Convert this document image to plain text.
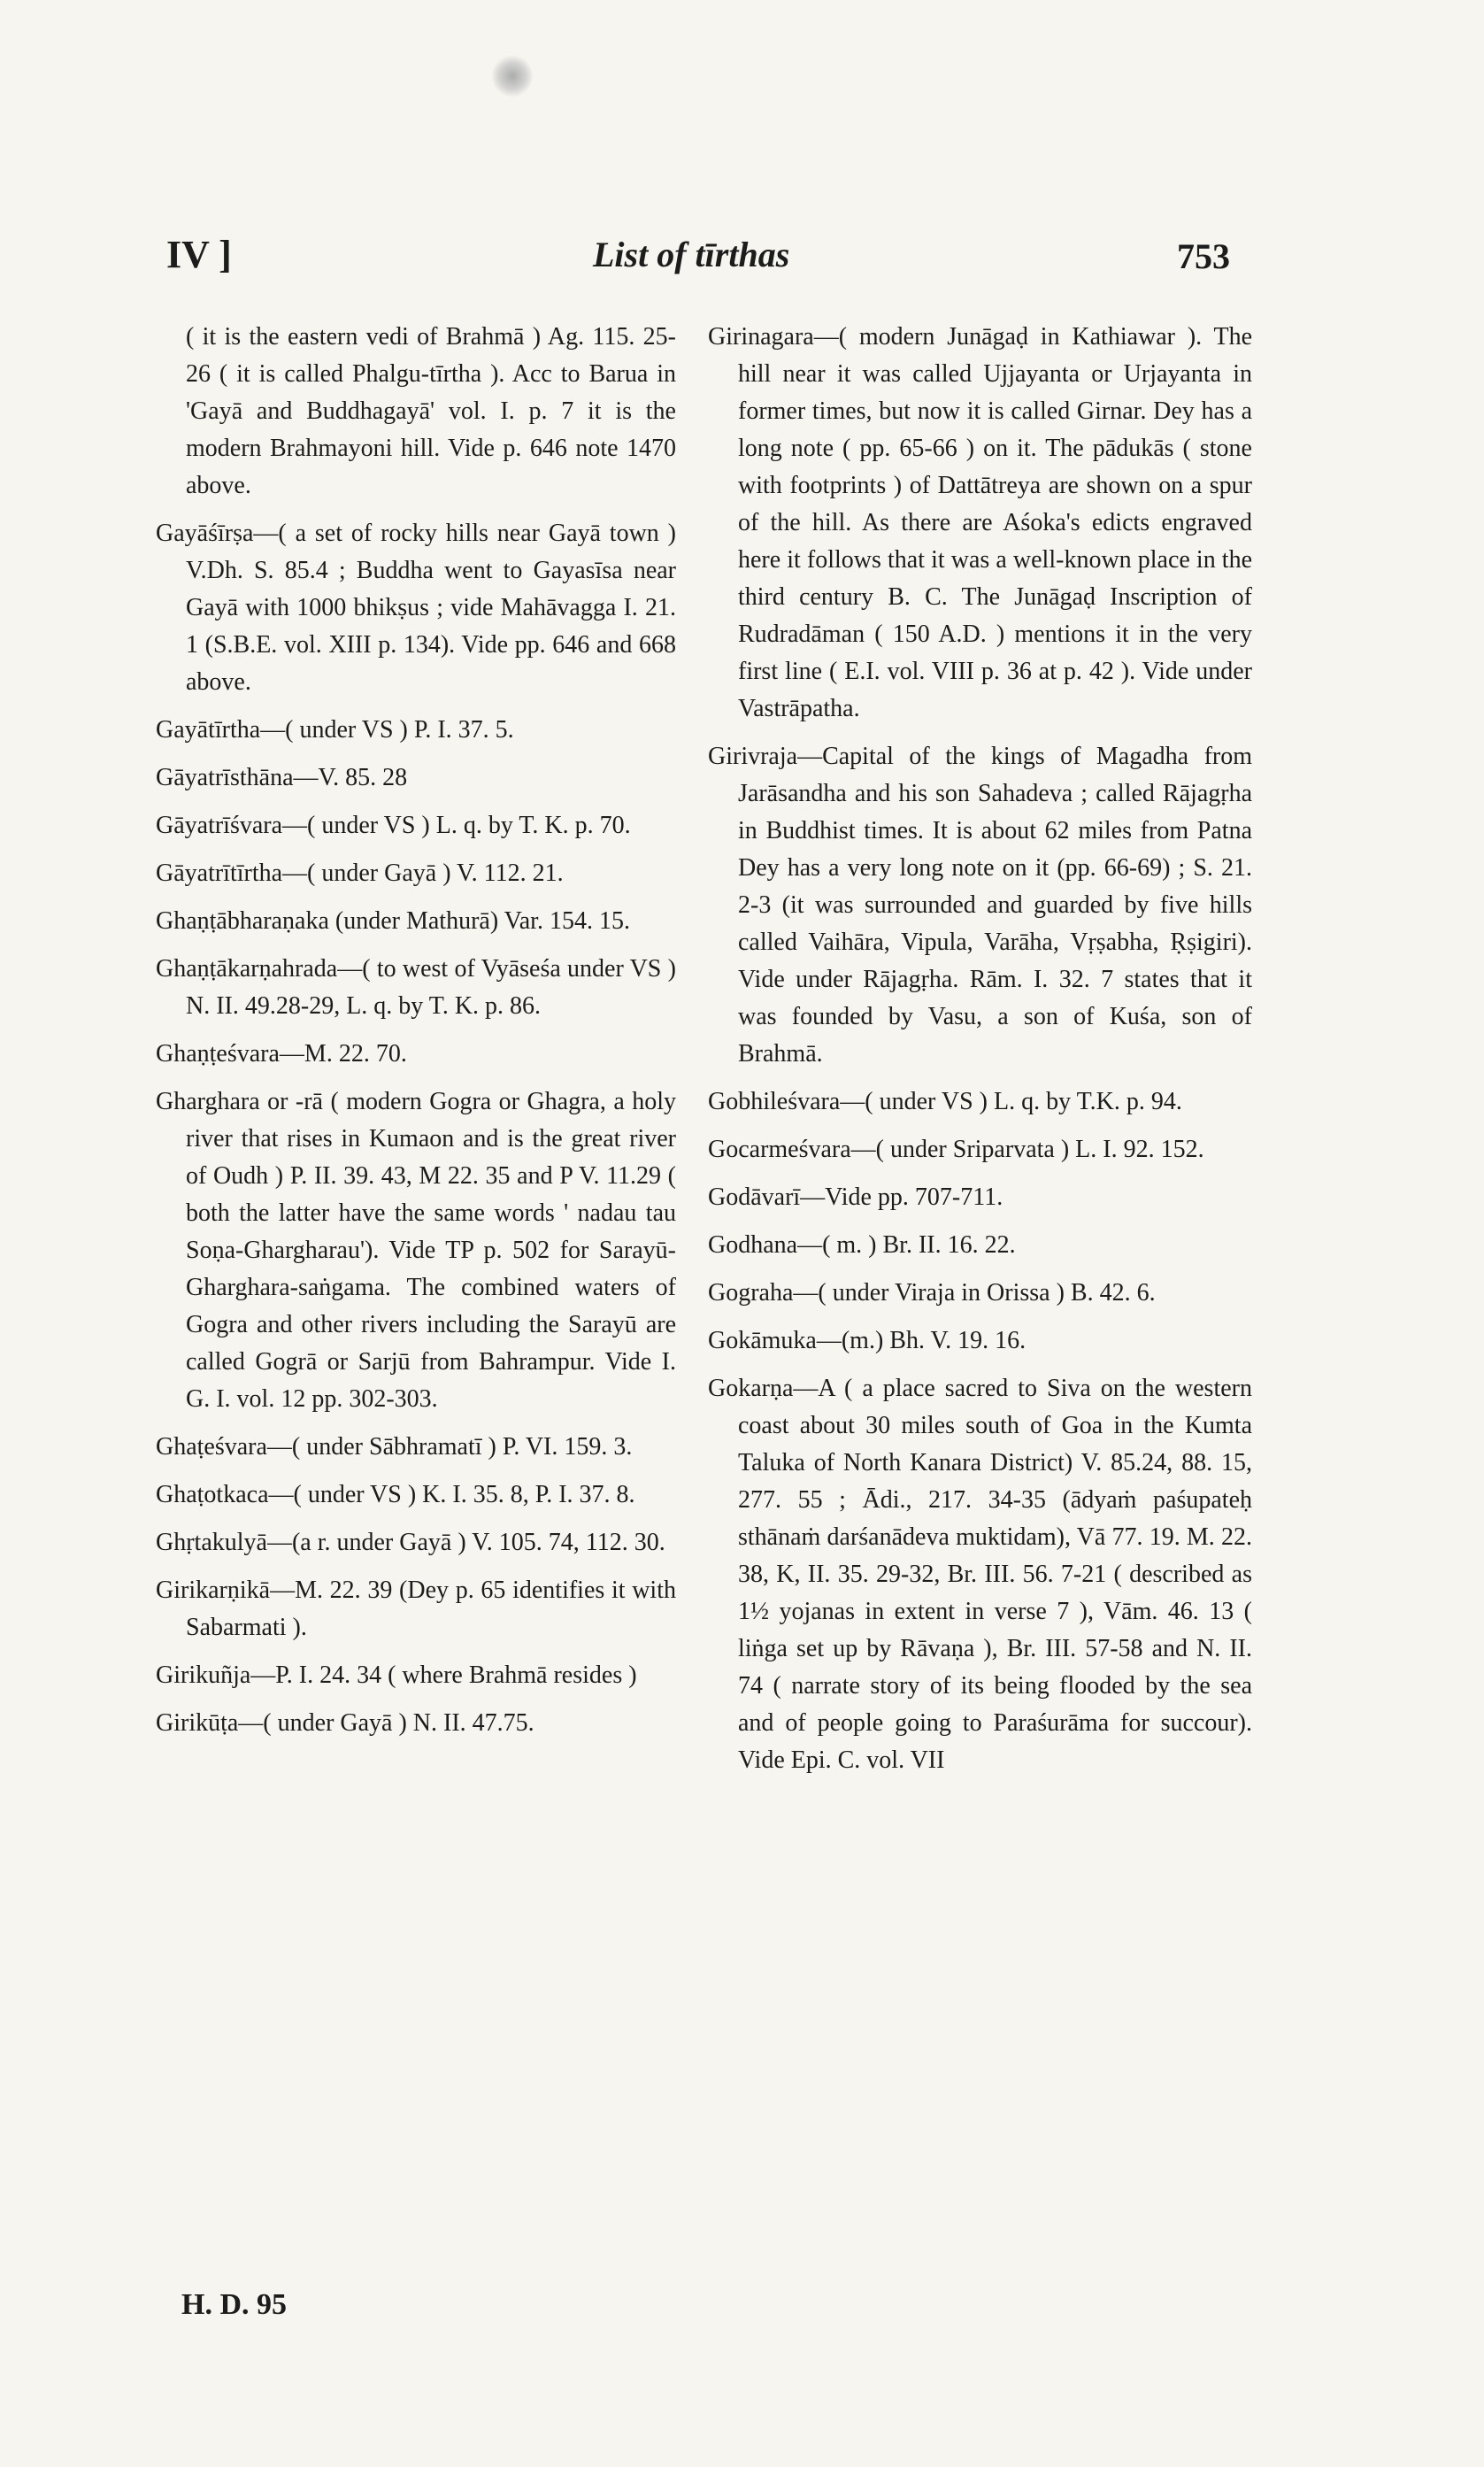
IV ]	List of tīrthas	753

( it is the eastern vedi of Brahmā ) Ag. 115. 25-26 ( it is called Phalgu-tīrtha ). Acc to Barua in 'Gayā and Buddhagayā' vol. I. p. 7 it is the modern Brahmayoni hill. Vide p. 646 note 1470 above.

Gayāśīrṣa—( a set of rocky hills near Gayā town ) V.Dh. S. 85.4 ; Buddha went to Gayasīsa near Gayā with 1000 bhikṣus ; vide Mahāvagga I. 21. 1 (S.B.E. vol. XIII p. 134). Vide pp. 646 and 668 above.

Gayātīrtha—( under VS ) P. I. 37. 5.

Gāyatrīsthāna—V. 85. 28

Gāyatrīśvara—( under VS ) L. q. by T. K. p. 70.

Gāyatrītīrtha—( under Gayā ) V. 112. 21.

Ghaṇṭābharaṇaka (under Mathurā) Var. 154. 15.

Ghaṇṭākarṇahrada—( to west of Vyāseśa under VS ) N. II. 49.28-29, L. q. by T. K. p. 86.

Ghaṇṭeśvara—M. 22. 70.

Gharghara or -rā ( modern Gogra or Ghagra, a holy river that rises in Kumaon and is the great river of Oudh ) P. II. 39. 43, M 22. 35 and P V. 11.29 ( both the latter have the same words ' nadau tau Soṇa-Ghargharau'). Vide TP p. 502 for Sarayū-Gharghara-saṅgama. The combined waters of Gogra and other rivers including the Sarayū are called Gogrā or Sarjū from Bahrampur. Vide I. G. I. vol. 12 pp. 302-303.

Ghaṭeśvara—( under Sābhramatī ) P. VI. 159. 3.

Ghaṭotkaca—( under VS ) K. I. 35. 8, P. I. 37. 8.

Ghṛtakulyā—(a r. under Gayā ) V. 105. 74, 112. 30.

Girikarṇikā—M. 22. 39 (Dey p. 65 identifies it with Sabarmati ).

Girikuñja—P. I. 24. 34 ( where Brahmā resides )

Girikūṭa—( under Gayā ) N. II. 47.75.

Girinagara—( modern Junāgaḍ in Kathiawar ). The hill near it was called Ujjayanta or Urjayanta in former times, but now it is called Girnar. Dey has a long note ( pp. 65-66 ) on it. The pādukās ( stone with footprints ) of Dattātreya are shown on a spur of the hill. As there are Aśoka's edicts engraved here it follows that it was a well-known place in the third century B. C. The Junāgaḍ Inscription of Rudradāman ( 150 A.D. ) mentions it in the very first line ( E.I. vol. VIII p. 36 at p. 42 ). Vide under Vastrāpatha.

Girivraja—Capital of the kings of Magadha from Jarāsandha and his son Sahadeva ; called Rājagṛha in Buddhist times. It is about 62 miles from Patna Dey has a very long note on it (pp. 66-69) ; S. 21. 2-3 (it was surrounded and guarded by five hills called Vaihāra, Vipula, Varāha, Vṛṣabha, Ṛṣigiri). Vide under Rājagṛha. Rām. I. 32. 7 states that it was founded by Vasu, a son of Kuśa, son of Brahmā.

Gobhileśvara—( under VS ) L. q. by T.K. p. 94.

Gocarmeśvara—( under Sriparvata ) L. I. 92. 152.

Godāvarī—Vide pp. 707-711.

Godhana—( m. ) Br. II. 16. 22.

Gograha—( under Viraja in Orissa ) B. 42. 6.

Gokāmuka—(m.) Bh. V. 19. 16.

Gokarṇa—A ( a place sacred to Siva on the western coast about 30 miles south of Goa in the Kumta Taluka of North Kanara District) V. 85.24, 88. 15, 277. 55 ; Ādi., 217. 34-35 (ādyaṁ paśupateḥ sthānaṁ darśanādeva muktidam), Vā 77. 19. M. 22. 38, K, II. 35. 29-32, Br. III. 56. 7-21 ( described as 1½ yojanas in extent in verse 7 ), Vām. 46. 13 ( liṅga set up by Rāvaṇa ), Br. III. 57-58 and N. II. 74 ( narrate story of its being flooded by the sea and of people going to Paraśurāma for succour). Vide Epi. C. vol. VII

H. D. 95
